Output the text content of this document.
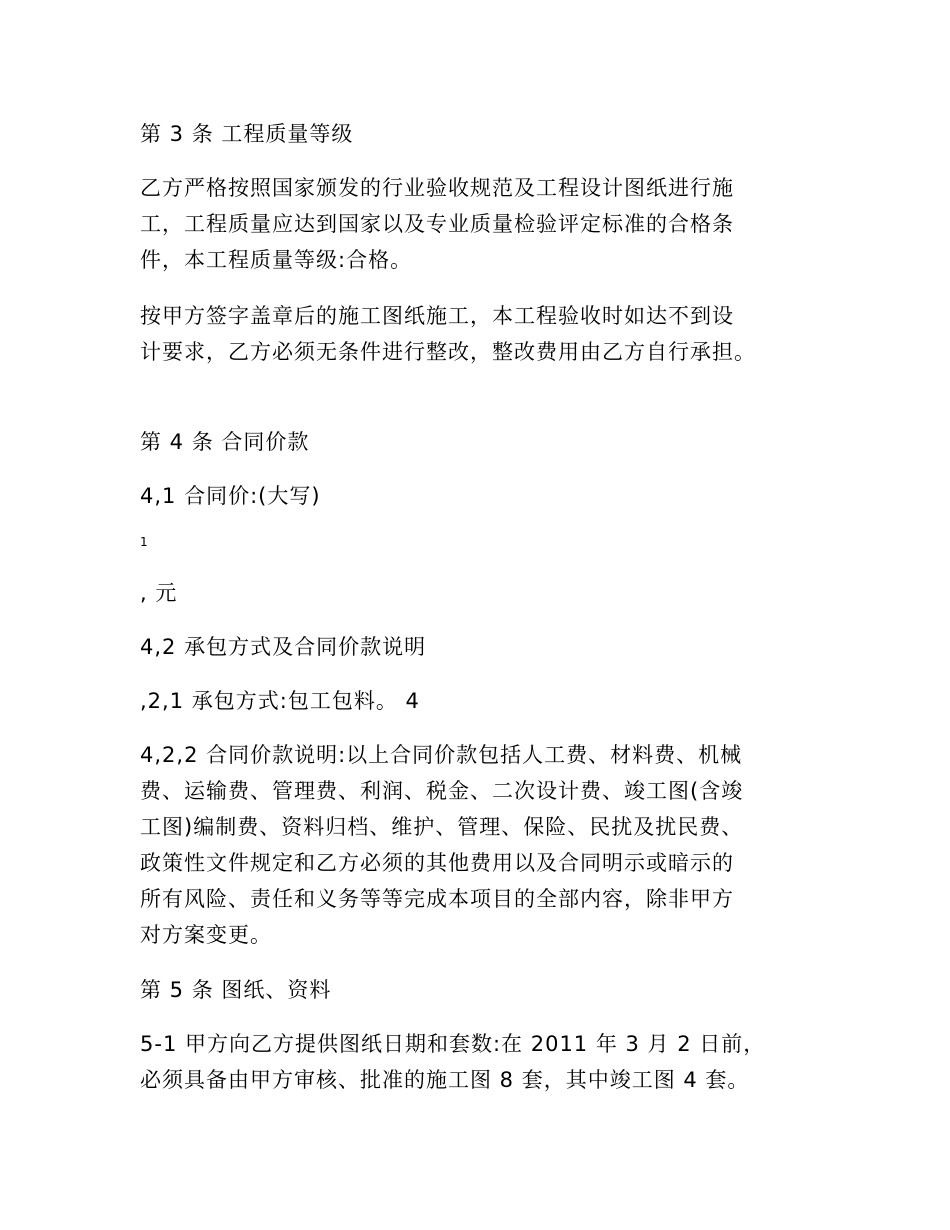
第 3 条 工程质量等级
乙方严格按照国家颁发的行业验收规范及工程设计图纸进行施
工，工程质量应达到国家以及专业质量检验评定标准的合格条
件，本工程质量等级:合格。
按甲方签字盖章后的施工图纸施工，本工程验收时如达不到设
计要求，乙方必须无条件进行整改，整改费用由乙方自行承担。
第 4 条 合同价款
4,1 合同价:(大写)
1
, 元
4,2 承包方式及合同价款说明
,2,1 承包方式:包工包料。 4
4,2,2 合同价款说明:以上合同价款包括人工费、材料费、机械
费、运输费、管理费、利润、税金、二次设计费、竣工图(含竣
工图)编制费、资料归档、维护、管理、保险、民扰及扰民费、
政策性文件规定和乙方必须的其他费用以及合同明示或暗示的
所有风险、责任和义务等等完成本项目的全部内容，除非甲方
对方案变更。
第 5 条 图纸、资料
5-1 甲方向乙方提供图纸日期和套数:在 2011 年 3 月 2 日前，
必须具备由甲方审核、批准的施工图 8 套，其中竣工图 4 套。
